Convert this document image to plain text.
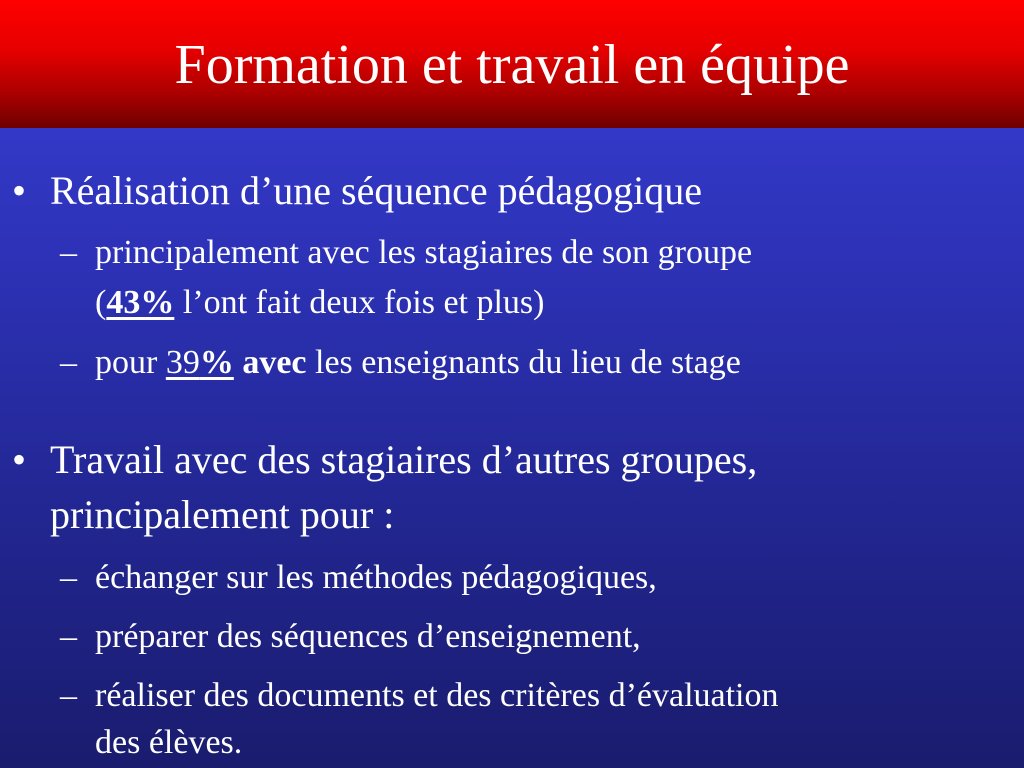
Formation et travail en équipe
• Réalisation d’une séquence pédagogique
– principalement avec les stagiaires de son groupe
(43% l’ont fait deux fois et plus)
– pour 39% avec les enseignants du lieu de stage
• Travail avec des stagiaires d’autres groupes,
principalement pour :
– échanger sur les méthodes pédagogiques,
– préparer des séquences d’enseignement,
– réaliser des documents et des critères d’évaluation
des élèves.
